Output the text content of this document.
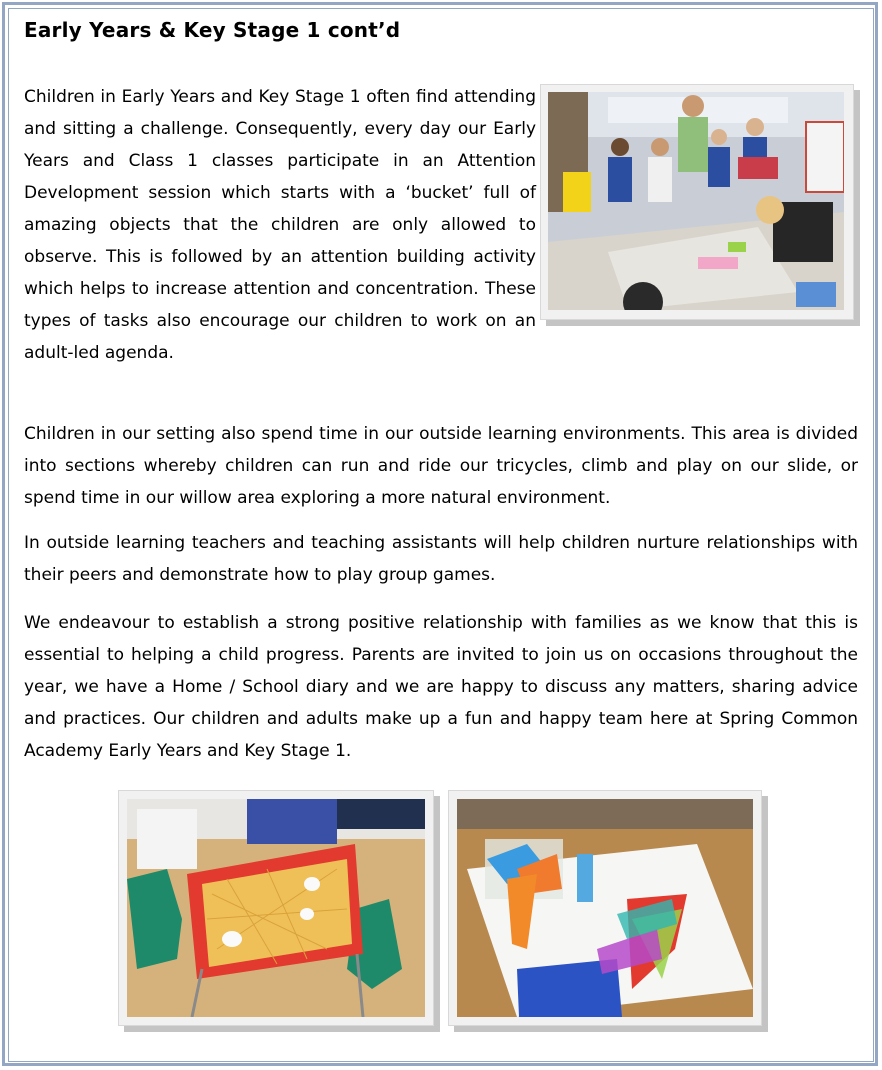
Early Years & Key Stage 1 cont’d

Children in Early Years and Key Stage 1 often find attending and sitting a challenge. Consequently, every day our Early Years and Class 1 classes participate in an Attention Development session which starts with a ‘bucket’ full of amazing objects that the children are only allowed to observe. This is followed by an attention building activity which helps to increase attention and concentration. These types of tasks also encourage our children to work on an adult-led agenda.

Children in our setting also spend time in our outside learning environments. This area is divided into sections whereby children can run and ride our tricycles, climb and play on our slide, or spend time in our willow area exploring a more natural environment.

In outside learning teachers and teaching assistants will help children nurture relationships with their peers and demonstrate how to play group games.

We endeavour to establish a strong positive relationship with families as we know that this is essential to helping a child progress. Parents are invited to join us on occasions throughout the year, we have a Home / School diary and we are happy to discuss any matters, sharing advice and practices. Our children and adults make up a fun and happy team here at Spring Common Academy Early Years and Key Stage 1.
